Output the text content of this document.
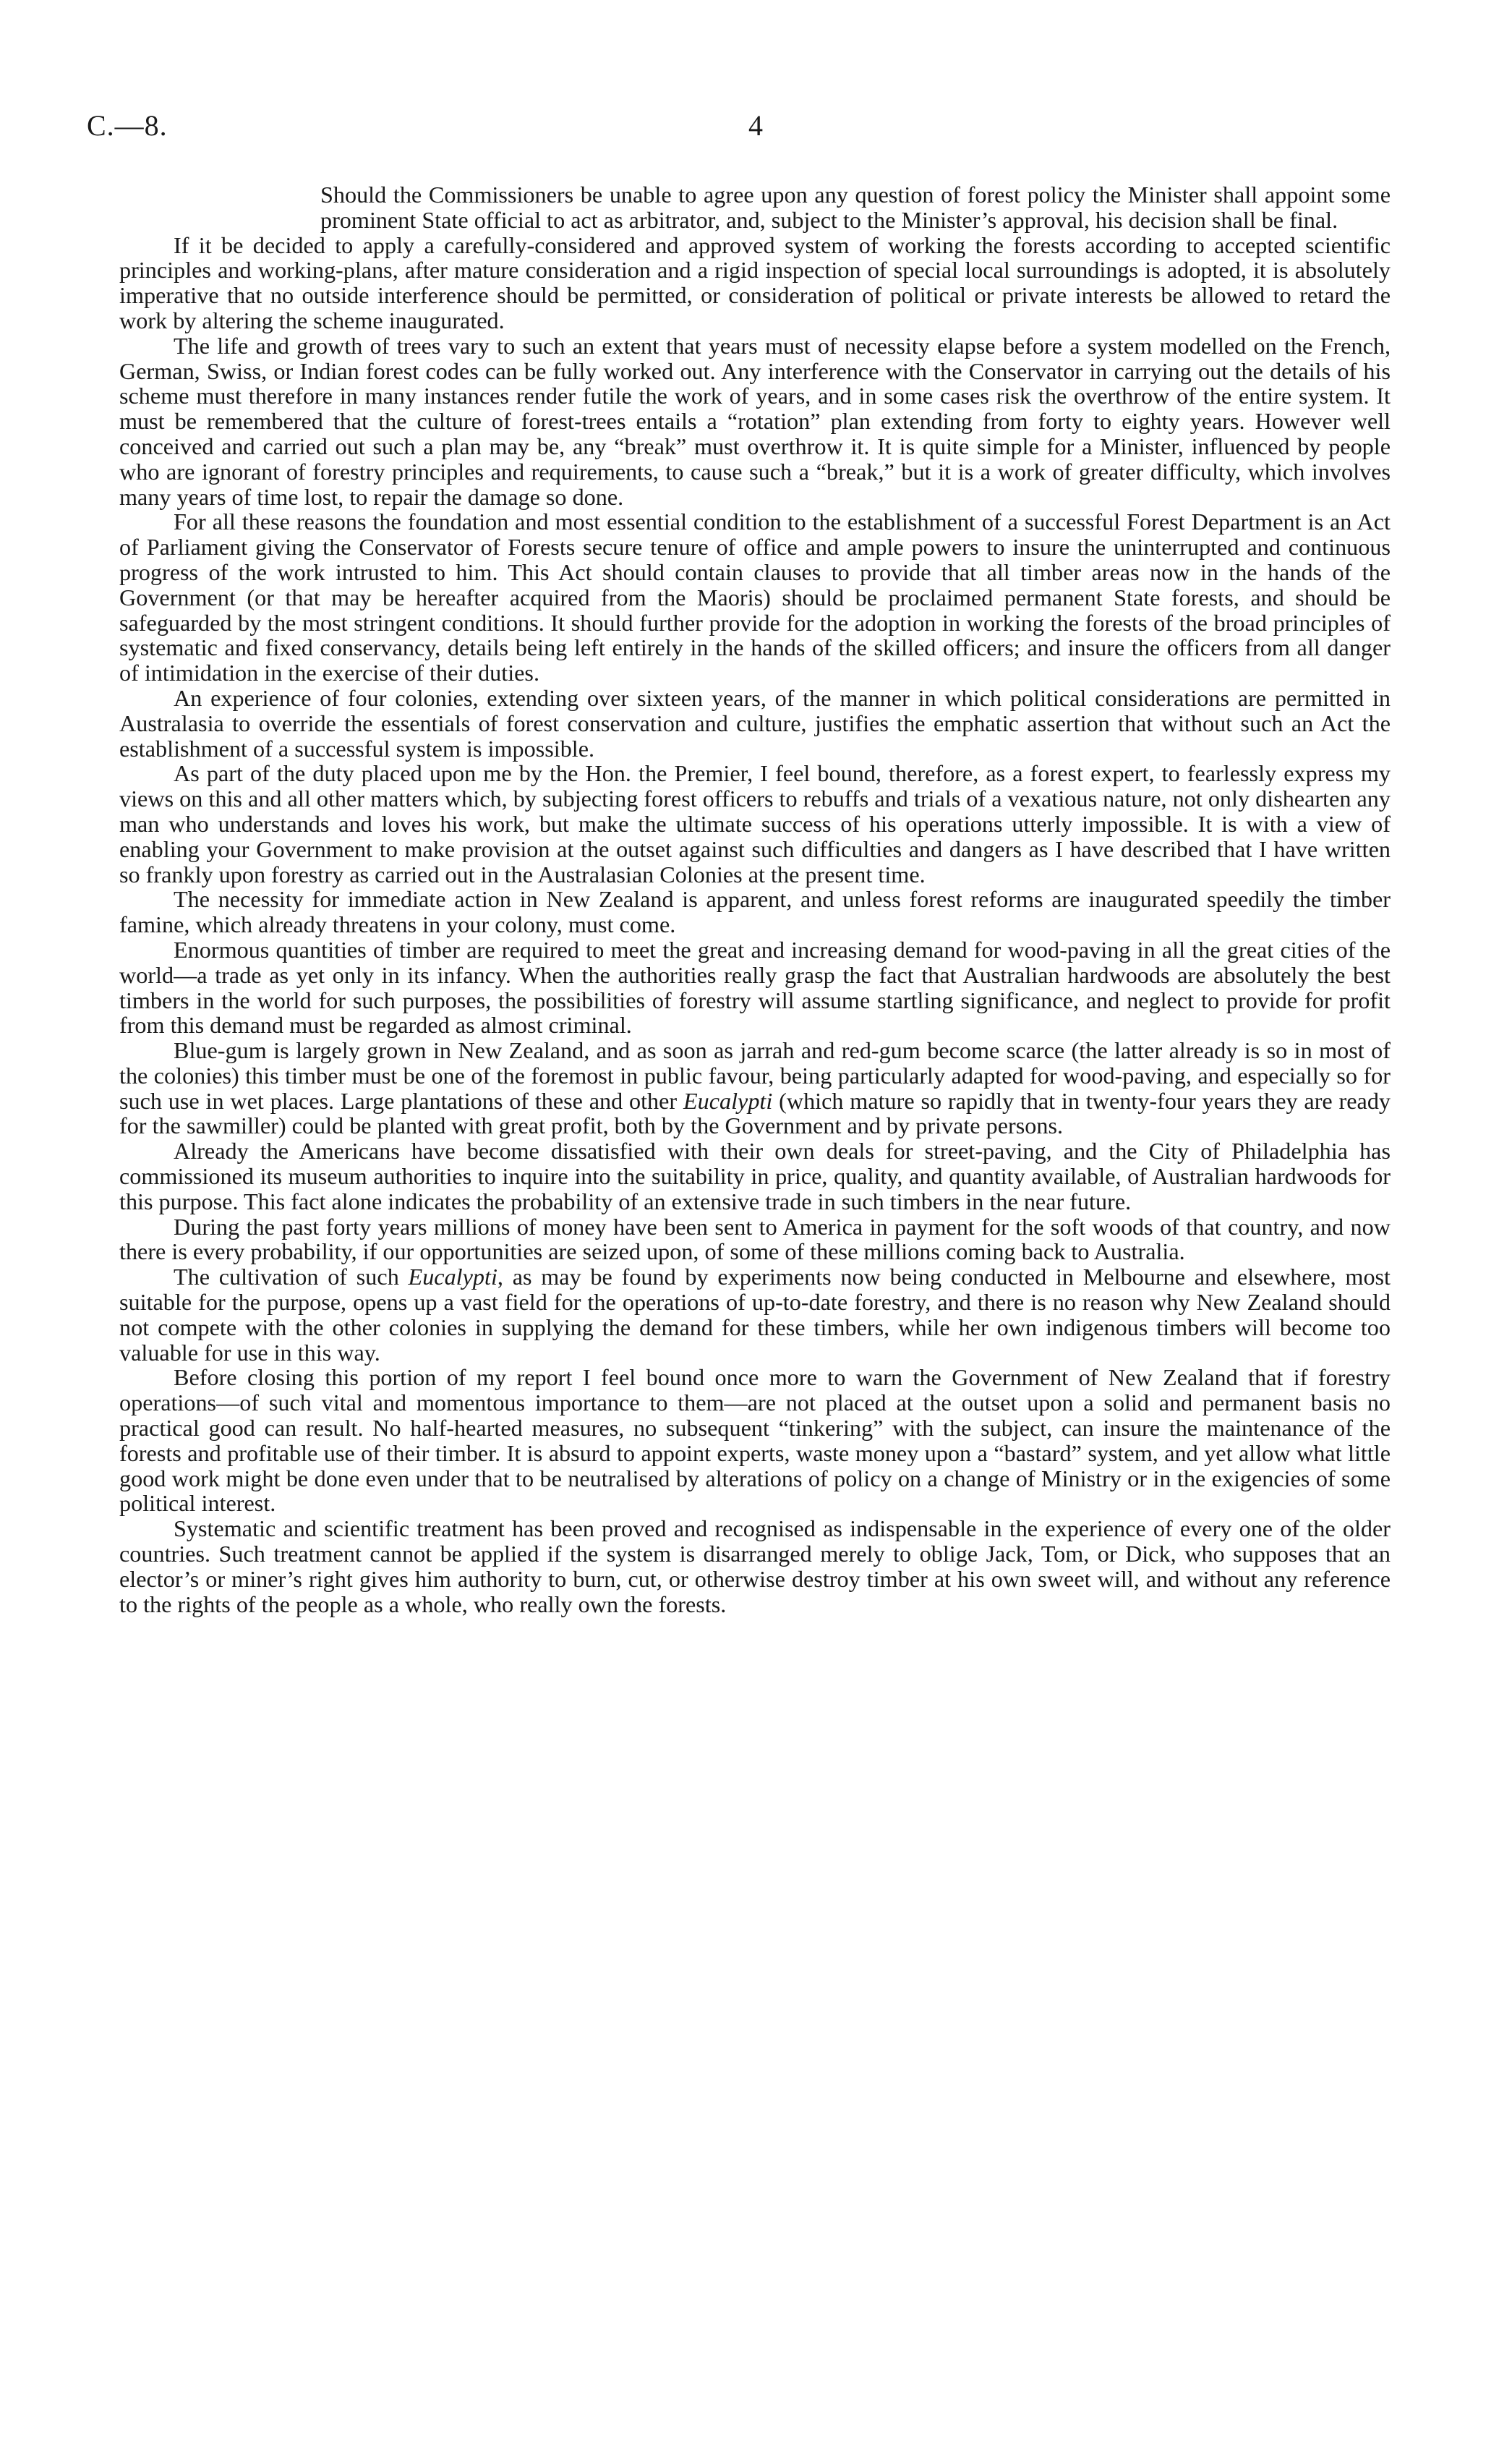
C.—8.	4

Should the Commissioners be unable to agree upon any question of forest policy the Minister shall appoint some prominent State official to act as arbitrator, and, subject to the Minister’s approval, his decision shall be final.

If it be decided to apply a carefully-considered and approved system of working the forests according to accepted scientific principles and working-plans, after mature consideration and a rigid inspection of special local surroundings is adopted, it is absolutely imperative that no outside interference should be permitted, or consideration of political or private interests be allowed to retard the work by altering the scheme inaugurated.

The life and growth of trees vary to such an extent that years must of necessity elapse before a system modelled on the French, German, Swiss, or Indian forest codes can be fully worked out. Any interference with the Conservator in carrying out the details of his scheme must therefore in many instances render futile the work of years, and in some cases risk the overthrow of the entire system. It must be remembered that the culture of forest-trees entails a “rotation” plan extending from forty to eighty years. However well conceived and carried out such a plan may be, any “break” must overthrow it. It is quite simple for a Minister, influenced by people who are ignorant of forestry principles and requirements, to cause such a “break,” but it is a work of greater difficulty, which involves many years of time lost, to repair the damage so done.

For all these reasons the foundation and most essential condition to the establishment of a successful Forest Department is an Act of Parliament giving the Conservator of Forests secure tenure of office and ample powers to insure the uninterrupted and continuous progress of the work intrusted to him. This Act should contain clauses to provide that all timber areas now in the hands of the Government (or that may be hereafter acquired from the Maoris) should be proclaimed permanent State forests, and should be safeguarded by the most stringent conditions. It should further provide for the adoption in working the forests of the broad principles of systematic and fixed conservancy, details being left entirely in the hands of the skilled officers; and insure the officers from all danger of intimidation in the exercise of their duties.

An experience of four colonies, extending over sixteen years, of the manner in which political considerations are permitted in Australasia to override the essentials of forest conservation and culture, justifies the emphatic assertion that without such an Act the establishment of a successful system is impossible.

As part of the duty placed upon me by the Hon. the Premier, I feel bound, therefore, as a forest expert, to fearlessly express my views on this and all other matters which, by subjecting forest officers to rebuffs and trials of a vexatious nature, not only dishearten any man who understands and loves his work, but make the ultimate success of his operations utterly impossible. It is with a view of enabling your Government to make provision at the outset against such difficulties and dangers as I have described that I have written so frankly upon forestry as carried out in the Australasian Colonies at the present time.

The necessity for immediate action in New Zealand is apparent, and unless forest reforms are inaugurated speedily the timber famine, which already threatens in your colony, must come.

Enormous quantities of timber are required to meet the great and increasing demand for wood-paving in all the great cities of the world—a trade as yet only in its infancy. When the authorities really grasp the fact that Australian hardwoods are absolutely the best timbers in the world for such purposes, the possibilities of forestry will assume startling significance, and neglect to provide for profit from this demand must be regarded as almost criminal.

Blue-gum is largely grown in New Zealand, and as soon as jarrah and red-gum become scarce (the latter already is so in most of the colonies) this timber must be one of the foremost in public favour, being particularly adapted for wood-paving, and especially so for such use in wet places. Large plantations of these and other Eucalypti (which mature so rapidly that in twenty-four years they are ready for the sawmiller) could be planted with great profit, both by the Government and by private persons.

Already the Americans have become dissatisfied with their own deals for street-paving, and the City of Philadelphia has commissioned its museum authorities to inquire into the suitability in price, quality, and quantity available, of Australian hardwoods for this purpose. This fact alone indicates the probability of an extensive trade in such timbers in the near future.

During the past forty years millions of money have been sent to America in payment for the soft woods of that country, and now there is every probability, if our opportunities are seized upon, of some of these millions coming back to Australia.

The cultivation of such Eucalypti, as may be found by experiments now being conducted in Melbourne and elsewhere, most suitable for the purpose, opens up a vast field for the operations of up-to-date forestry, and there is no reason why New Zealand should not compete with the other colonies in supplying the demand for these timbers, while her own indigenous timbers will become too valuable for use in this way.

Before closing this portion of my report I feel bound once more to warn the Government of New Zealand that if forestry operations—of such vital and momentous importance to them—are not placed at the outset upon a solid and permanent basis no practical good can result. No half-hearted measures, no subsequent “tinkering” with the subject, can insure the maintenance of the forests and profitable use of their timber. It is absurd to appoint experts, waste money upon a “bastard” system, and yet allow what little good work might be done even under that to be neutralised by alterations of policy on a change of Ministry or in the exigencies of some political interest.

Systematic and scientific treatment has been proved and recognised as indispensable in the experience of every one of the older countries. Such treatment cannot be applied if the system is disarranged merely to oblige Jack, Tom, or Dick, who supposes that an elector’s or miner’s right gives him authority to burn, cut, or otherwise destroy timber at his own sweet will, and without any reference to the rights of the people as a whole, who really own the forests.
